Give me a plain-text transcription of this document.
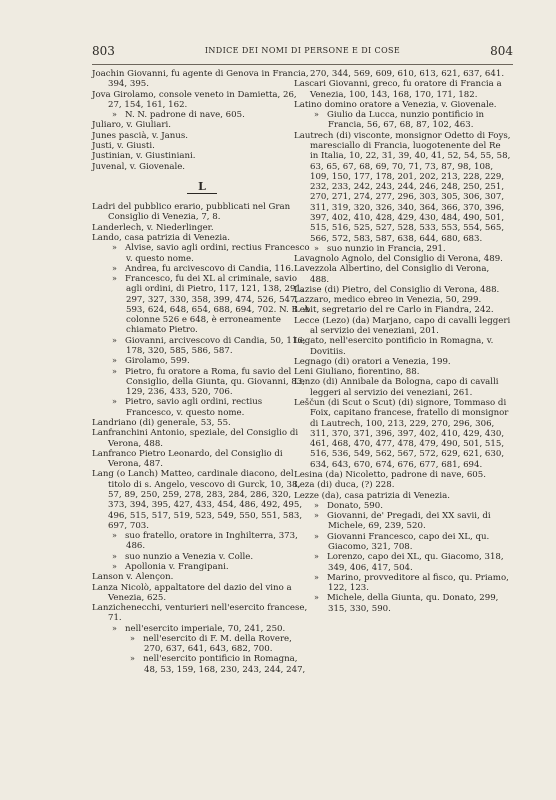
803	INDICE DEI NOMI DI PERSONE E DI COSE	804

Joachin Giovanni, fu agente di Genova in Francia, 394, 395.

Jova Girolamo, console veneto in Damietta, 26, 27, 154, 161, 162.

» N. N. padrone di nave, 605.

Juliaro, v. Giuliari.

Junes pascià, v. Janus.

Justi, v. Giusti.

Justinian, v. Giustiniani.

Juvenal, v. Giovenale.

L

Ladri del pubblico erario, pubblicati nel Gran Consiglio di Venezia, 7, 8.

Landerlech, v. Niederlinger.

Lando, casa patrizia di Venezia.

» Alvise, savio agli ordini, rectius Francesco v. questo nome.

» Andrea, fu arcivescovo di Candia, 116.

» Francesco, fu dei XL al criminale, savio agli ordini, di Pietro, 117, 121, 138, 291, 297, 327, 330, 358, 399, 474, 526, 547, 593, 624, 648, 654, 688, 694, 702. N. B. A colonne 526 e 648, è erroneamente chiamato Pietro.

» Giovanni, arcivescovo di Candia, 50, 116, 178, 320, 585, 586, 587.

» Girolamo, 599.

» Pietro, fu oratore a Roma, fu savio del Consiglio, della Giunta, qu. Giovanni, 83, 129, 236, 433, 520, 706.

» Pietro, savio agli ordini, rectius Francesco, v. questo nome.

Landriano (di) generale, 53, 55.

Lanfranchini Antonio, speziale, del Consiglio di Verona, 488.

Lanfranco Pietro Leonardo, del Consiglio di Verona, 487.

Lang (o Lanch) Matteo, cardinale diacono, del titolo di s. Angelo, vescovo di Gurck, 10, 38, 57, 89, 250, 259, 278, 283, 284, 286, 320, 373, 394, 395, 427, 433, 454, 486, 492, 495, 496, 515, 517, 519, 523, 549, 550, 551, 583, 697, 703.

» suo fratello, oratore in Inghilterra, 373, 486.

» suo nunzio a Venezia v. Colle.

» Apollonia v. Frangipani.

Lanson v. Alençon.

Lanza Nicolò, appaltatore del dazio del vino a Venezia, 625.

Lanzichenecchi, venturieri nell'esercito francese, 71.

» nell'esercito imperiale, 70, 241, 250.

» nell'esercito di F. M. della Rovere, 270, 637, 641, 643, 682, 700.

» nell'esercito pontificio in Romagna, 48, 53, 159, 168, 230, 243, 244, 247,

270, 344, 569, 609, 610, 613, 621, 637, 641.

Lascari Giovanni, greco, fu oratore di Francia a Venezia, 100, 143, 168, 170, 171, 182.

Latino domino oratore a Venezia, v. Giovenale.

» Giulio da Lucca, nunzio pontificio in Francia, 56, 67, 68, 87, 102, 463.

Lautrech (di) visconte, monsignor Odetto di Foys, maresciallo di Francia, luogotenente del Re in Italia, 10, 22, 31, 39, 40, 41, 52, 54, 55, 58, 63, 65, 67, 68, 69, 70, 71, 73, 87, 98, 108, 109, 150, 177, 178, 201, 202, 213, 228, 229, 232, 233, 242, 243, 244, 246, 248, 250, 251, 270, 271, 274, 277, 296, 303, 305, 306, 307, 311, 319, 320, 326, 340, 364, 366, 370, 396, 397, 402, 410, 428, 429, 430, 484, 490, 501, 515, 516, 525, 527, 528, 533, 553, 554, 565, 566, 572, 583, 587, 638, 644, 680, 683.

» suo nunzio in Francia, 291.

Lavagnolo Agnolo, del Consiglio di Verona, 489.

Lavezzola Albertino, del Consiglio di Verona, 488.

Lazise (di) Pietro, del Consiglio di Verona, 488.

Lazzaro, medico ebreo in Venezia, 50, 299.

Lebit, segretario del re Carlo in Fiandra, 242.

Lecce (Lezo) (da) Marjano, capo di cavalli leggeri al servizio dei veneziani, 201.

Legato, nell'esercito pontificio in Romagna, v. Dovitiis.

Legnago (di) oratori a Venezia, 199.

Leni Giuliano, fiorentino, 88.

Lenzo (di) Annibale da Bologna, capo di cavalli leggeri al servizio dei veneziani, 261.

Leščun (di Scut o Scut) (di) signore, Tommaso di Foix, capitano francese, fratello di monsignor di Lautrech, 100, 213, 229, 270, 296, 306, 311, 370, 371, 396, 397, 402, 410, 429, 430, 461, 468, 470, 477, 478, 479, 490, 501, 515, 516, 536, 549, 562, 567, 572, 629, 621, 630, 634, 643, 670, 674, 676, 677, 681, 694.

Lesina (da) Nicoletto, padrone di nave, 605.

Leza (di) duca, (?) 228.

Lezze (da), casa patrizia di Venezia.

» Donato, 590.

» Giovanni, de' Pregadi, dei XX savii, di Michele, 69, 239, 520.

» Giovanni Francesco, capo dei XL, qu. Giacomo, 321, 708.

» Lorenzo, capo dei XL, qu. Giacomo, 318, 349, 406, 417, 504.

» Marino, provveditore al fisco, qu. Priamo, 122, 123.

» Michele, della Giunta, qu. Donato, 299, 315, 330, 590.
